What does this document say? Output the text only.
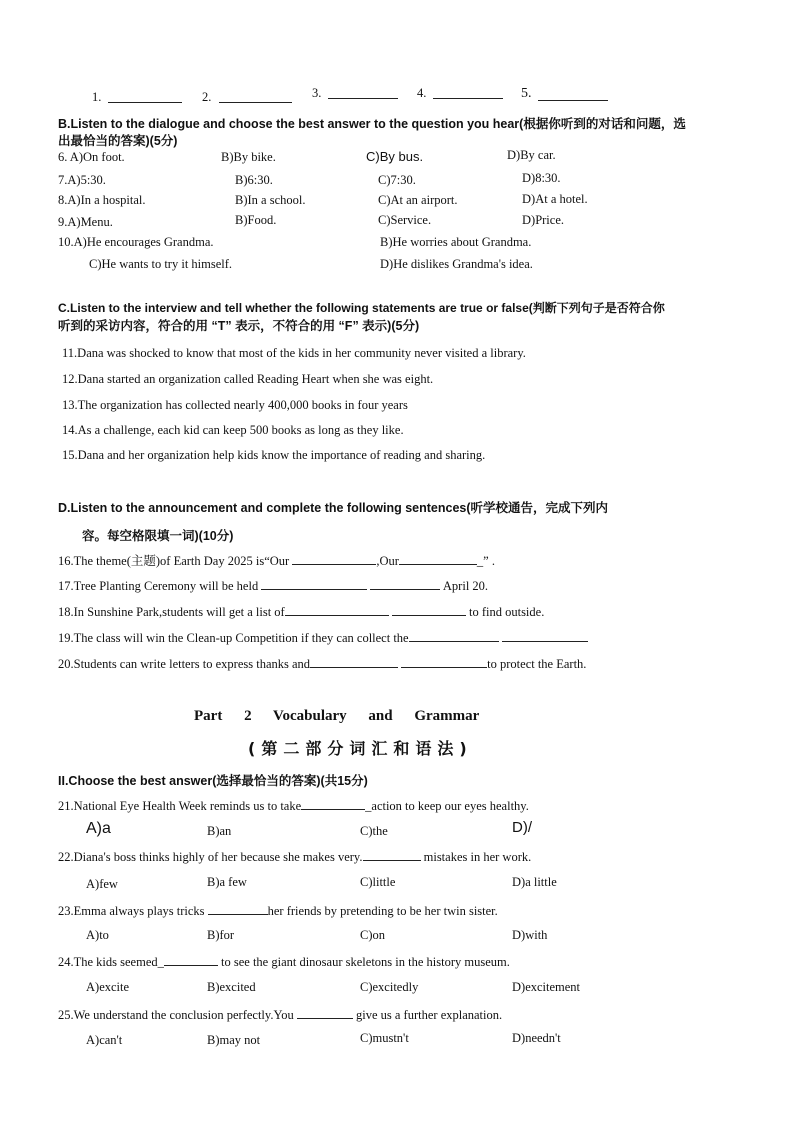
1.	2.	3.	4.	5.
B.Listen to the dialogue and choose the best answer to the question you hear(根据你听到的对话和问题，选
出最恰当的答案)(5分)
6. A)On foot.	B)By bike.	C)By bus.	D)By car.
7.A)5:30.	B)6:30.	C)7:30.	D)8:30.
8.A)In a hospital.	B)In a school.	C)At an airport.	D)At a hotel.
9.A)Menu.	B)Food.	C)Service.	D)Price.
10.A)He encourages Grandma.	B)He worries about Grandma.
C)He wants to try it himself.	D)He dislikes Grandma's idea.
C.Listen to the interview and tell whether the following statements are true or false(判断下列句子是否符合你
听到的采访内容，符合的用 “T” 表示，不符合的用 “F” 表示)(5分)
11.Dana was shocked to know that most of the kids in her community never visited a library.
12.Dana started an organization called Reading Heart when she was eight.
13.The organization has collected nearly 400,000 books in four years
14.As a challenge, each kid can keep 500 books as long as they like.
15.Dana and her organization help kids know the importance of reading and sharing.
D.Listen to the announcement and complete the following sentences(听学校通告，完成下列内
容。每空格限填一词)(10分)
16.The theme(主题)of Earth Day 2025 is“Our	,Our	_” .
17.Tree Planting Ceremony will be held	April 20.
18.In Sunshine Park,students will get a list of	to find outside.
19.The class will win the Clean-up Competition if they can collect the
20.Students can write letters to express thanks and	to protect the Earth.
Part 2 Vocabulary and Grammar
(第二部分词汇和语法)
II.Choose the best answer(选择最恰当的答案)(共15分)
21.National Eye Health Week reminds us to take	_action to keep our eyes healthy.
A)a	B)an	C)the	D)/
22.Diana's boss thinks highly of her because she makes very.	mistakes in her work.
A)few	B)a few	C)little	D)a little
23.Emma always plays tricks	her friends by pretending to be her twin sister.
A)to	B)for	C)on	D)with
24.The kids seemed_	to see the giant dinosaur skeletons in the history museum.
A)excite	B)excited	C)excitedly	D)excitement
25.We understand the conclusion perfectly.You	give us a further explanation.
A)can't	B)may not	C)mustn't	D)needn't
